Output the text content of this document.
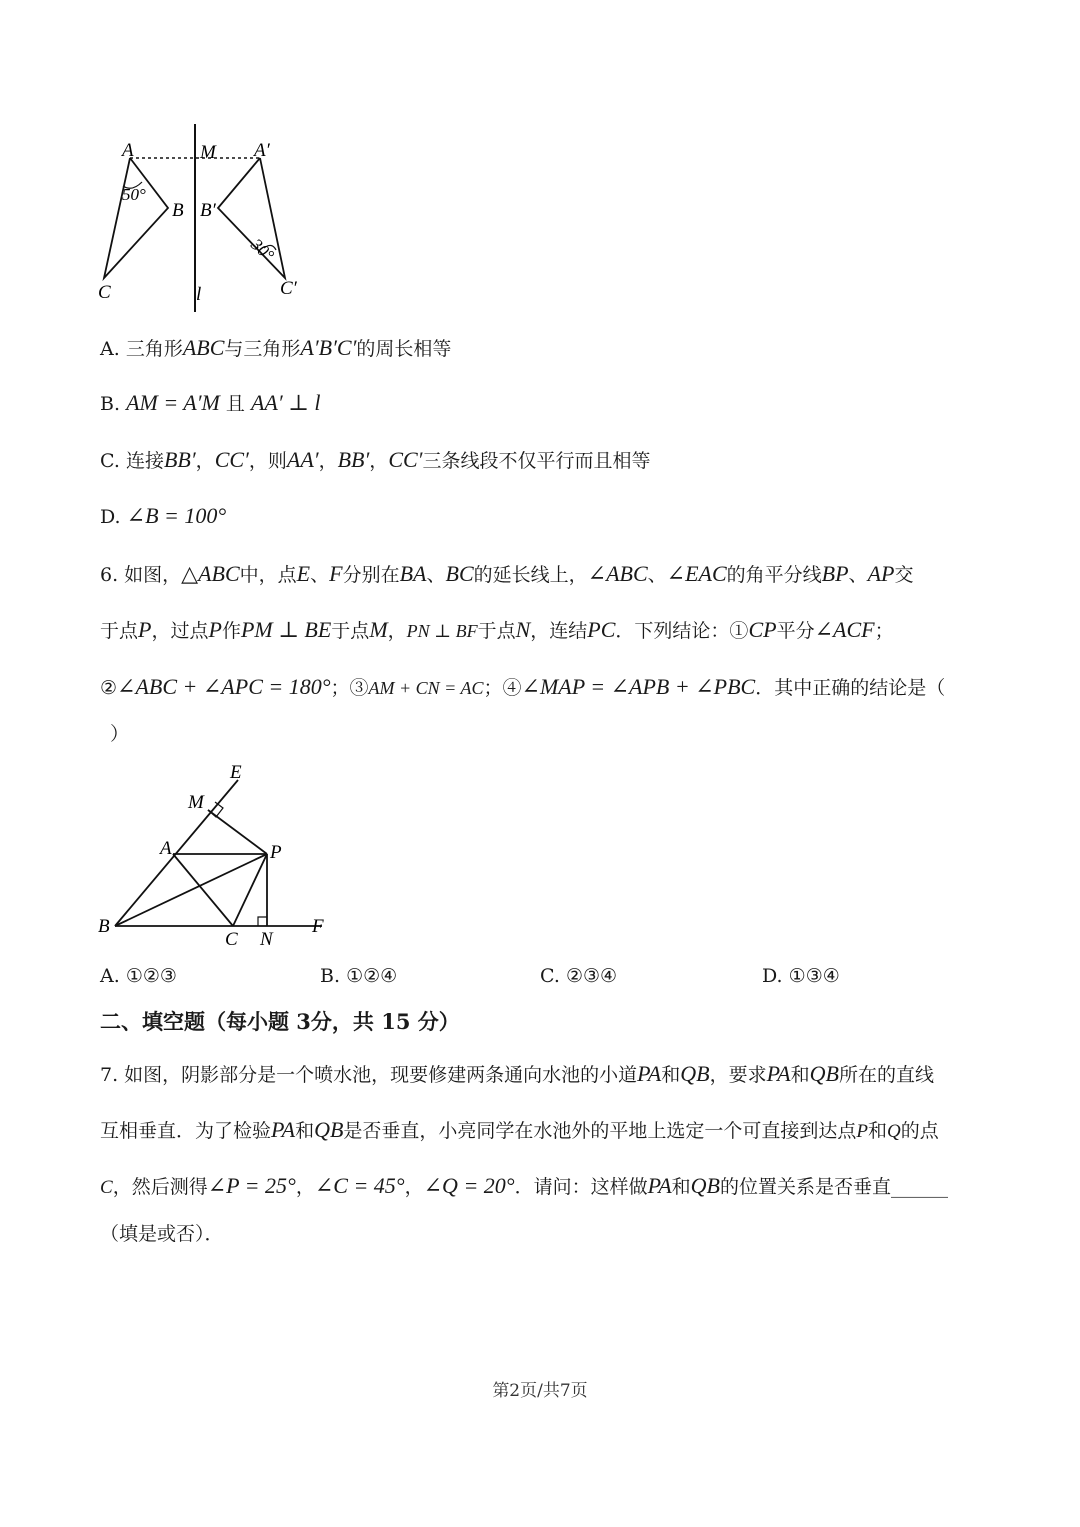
A	M A′
B B′
C	C′
l
50°
30°
A. 三角形ABC与三角形A′B′C′的周长相等
B. AM = A′M 且 AA′ ⊥ l
C. 连接BB′，CC′，则AA′，BB′，CC′三条线段不仅平行而且相等
D. ∠B = 100°
6. 如图，△ABC中，点E、F分别在BA、BC的延长线上，∠ABC、∠EAC的角平分线BP、AP交
于点P，过点P作PM ⊥ BE于点M，PN ⊥ BF于点N，连结PC．下列结论：①CP平分∠ACF；
②∠ABC + ∠APC = 180°；③AM + CN = AC；④∠MAP = ∠APB + ∠PBC．其中正确的结论是（
）
E
M
A	P
B
C N
F
A. ①②③	B. ①②④	C. ②③④	D. ①③④
二、填空题（每小题 3分，共 15 分）
7. 如图，阴影部分是一个喷水池，现要修建两条通向水池的小道PA和QB，要求PA和QB所在的直线
互相垂直．为了检验PA和QB是否垂直，小亮同学在水池外的平地上选定一个可直接到达点P和Q的点
C，然后测得∠P = 25°，∠C = 45°，∠Q = 20°．请问：这样做PA和QB的位置关系是否垂直______
（填是或否）．
第2页/共7页
